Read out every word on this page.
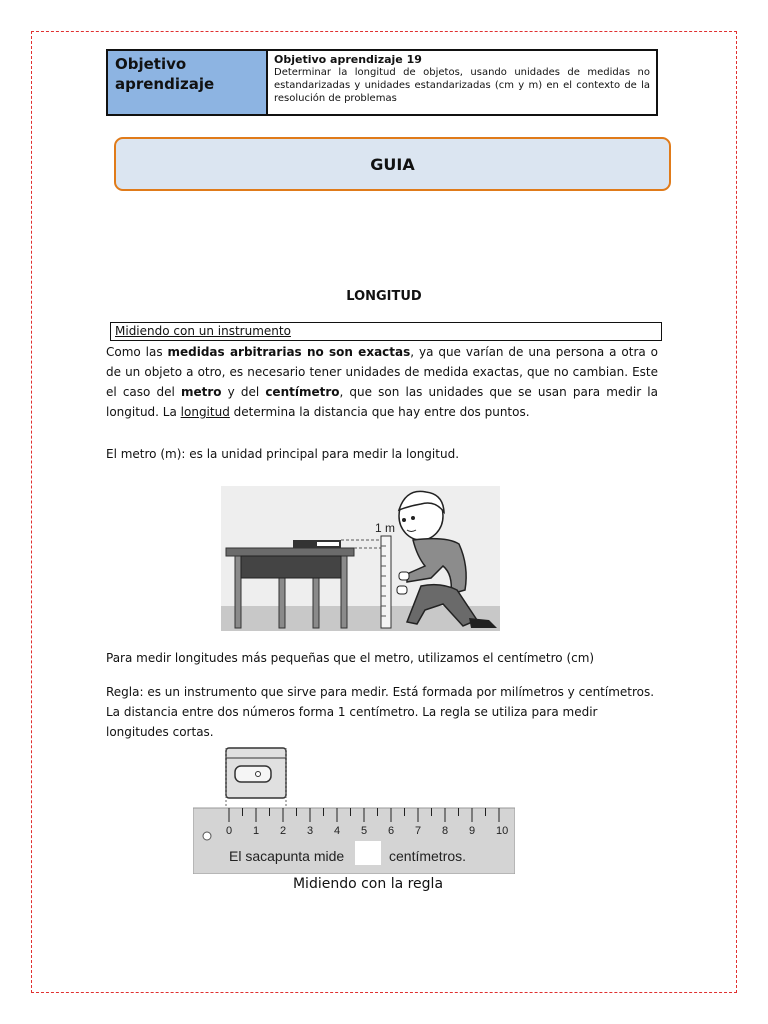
Objetivo aprendizaje
Objetivo aprendizaje 19
Determinar la longitud de objetos, usando unidades de medidas no estandarizadas y unidades estandarizadas (cm y m) en el contexto de la resolución de problemas
GUIA
LONGITUD
Midiendo con un instrumento
Como las medidas arbitrarias no son exactas, ya que varían de una persona a otra o de un objeto a otro, es necesario tener unidades de medida exactas, que no cambian. Este el caso del metro y del centímetro, que son las unidades que se usan para medir la longitud. La longitud determina la distancia que hay entre dos puntos.
El metro (m): es la unidad principal para medir la longitud.
1 m
Para medir longitudes más pequeñas que el metro, utilizamos el centímetro (cm)
Regla: es un instrumento que sirve para medir. Está formada por milímetros y centímetros. La distancia entre dos números forma 1 centímetro. La regla se utiliza para medir longitudes cortas.
0 1 2 3 4 5 6 7 8 9 10
El sacapunta mide	centímetros.
Midiendo con la regla
